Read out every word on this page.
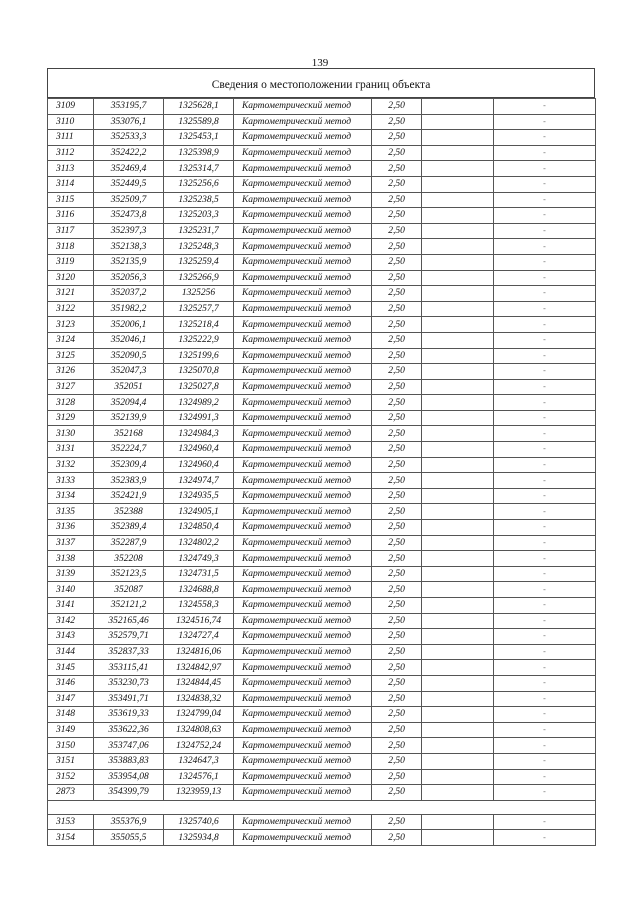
139
Сведения о местоположении границ объекта
3109	353195,7	1325628,1	Картометрический метод	2,50		-
3110	353076,1	1325589,8	Картометрический метод	2,50		-
3111	352533,3	1325453,1	Картометрический метод	2,50		-
3112	352422,2	1325398,9	Картометрический метод	2,50		-
3113	352469,4	1325314,7	Картометрический метод	2,50		-
3114	352449,5	1325256,6	Картометрический метод	2,50		-
3115	352509,7	1325238,5	Картометрический метод	2,50		-
3116	352473,8	1325203,3	Картометрический метод	2,50		-
3117	352397,3	1325231,7	Картометрический метод	2,50		-
3118	352138,3	1325248,3	Картометрический метод	2,50		-
3119	352135,9	1325259,4	Картометрический метод	2,50		-
3120	352056,3	1325266,9	Картометрический метод	2,50		-
3121	352037,2	1325256	Картометрический метод	2,50		-
3122	351982,2	1325257,7	Картометрический метод	2,50		-
3123	352006,1	1325218,4	Картометрический метод	2,50		-
3124	352046,1	1325222,9	Картометрический метод	2,50		-
3125	352090,5	1325199,6	Картометрический метод	2,50		-
3126	352047,3	1325070,8	Картометрический метод	2,50		-
3127	352051	1325027,8	Картометрический метод	2,50		-
3128	352094,4	1324989,2	Картометрический метод	2,50		-
3129	352139,9	1324991,3	Картометрический метод	2,50		-
3130	352168	1324984,3	Картометрический метод	2,50		-
3131	352224,7	1324960,4	Картометрический метод	2,50		-
3132	352309,4	1324960,4	Картометрический метод	2,50		-
3133	352383,9	1324974,7	Картометрический метод	2,50		-
3134	352421,9	1324935,5	Картометрический метод	2,50		-
3135	352388	1324905,1	Картометрический метод	2,50		-
3136	352389,4	1324850,4	Картометрический метод	2,50		-
3137	352287,9	1324802,2	Картометрический метод	2,50		-
3138	352208	1324749,3	Картометрический метод	2,50		-
3139	352123,5	1324731,5	Картометрический метод	2,50		-
3140	352087	1324688,8	Картометрический метод	2,50		-
3141	352121,2	1324558,3	Картометрический метод	2,50		-
3142	352165,46	1324516,74	Картометрический метод	2,50		-
3143	352579,71	1324727,4	Картометрический метод	2,50		-
3144	352837,33	1324816,06	Картометрический метод	2,50		-
3145	353115,41	1324842,97	Картометрический метод	2,50		-
3146	353230,73	1324844,45	Картометрический метод	2,50		-
3147	353491,71	1324838,32	Картометрический метод	2,50		-
3148	353619,33	1324799,04	Картометрический метод	2,50		-
3149	353622,36	1324808,63	Картометрический метод	2,50		-
3150	353747,06	1324752,24	Картометрический метод	2,50		-
3151	353883,83	1324647,3	Картометрический метод	2,50		-
3152	353954,08	1324576,1	Картометрический метод	2,50		-
2873	354399,79	1323959,13	Картометрический метод	2,50		-

3153	355376,9	1325740,6	Картометрический метод	2,50		-
3154	355055,5	1325934,8	Картометрический метод	2,50		-
